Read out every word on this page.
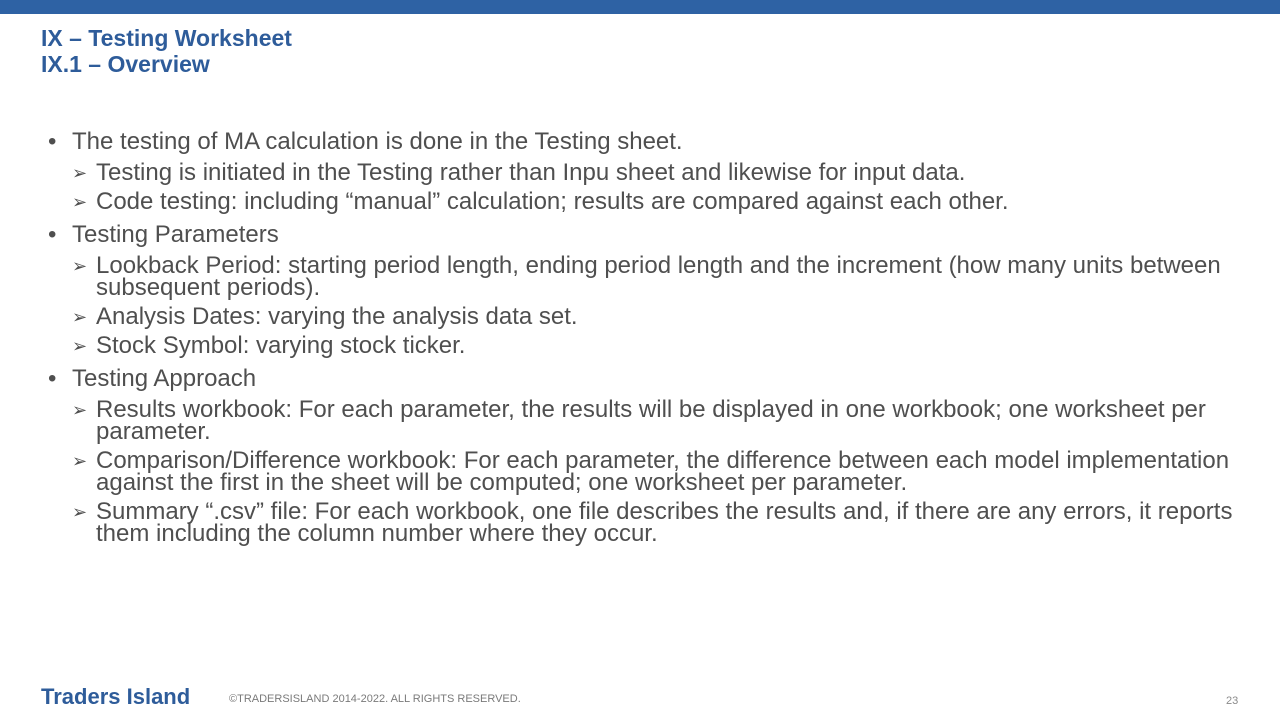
IX – Testing Worksheet
IX.1 – Overview
• The testing of MA calculation is done in the Testing sheet.
➢ Testing is initiated in the Testing rather than Inpu sheet and likewise for input data.
➢ Code testing: including “manual” calculation; results are compared against each other.
• Testing Parameters
➢ Lookback Period: starting period length, ending period length and the increment (how many units between subsequent periods).
➢ Analysis Dates: varying the analysis data set.
➢ Stock Symbol: varying stock ticker.
• Testing Approach
➢ Results workbook: For each parameter, the results will be displayed in one workbook; one worksheet per parameter.
➢ Comparison/Difference workbook: For each parameter, the difference between each model implementation against the first in the sheet will be computed; one worksheet per parameter.
➢ Summary “.csv” file: For each workbook, one file describes the results and, if there are any errors, it reports them including the column number where they occur.
Traders Island	©TRADERSISLAND 2014-2022. ALL RIGHTS RESERVED.	23
